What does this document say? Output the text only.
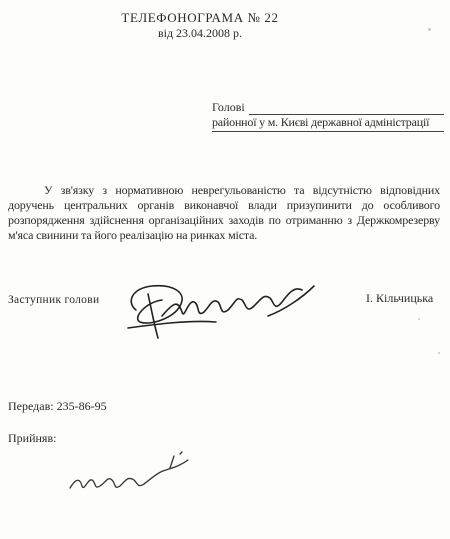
ТЕЛЕФОНОГРАМА № 22
від 23.04.2008 р.
Голові
районної у м. Києві державної адміністрації
У зв'язку з нормативною неврегульованістю та відсутністю відповідних доручень центральних органів виконавчої влади призупинити до особливого розпорядження здійснення організаційних заходів по отриманню з Держкомрезерву м'яса свинини та його реалізацію на ринках міста.
Заступник голови	І. Кільчицька
Передав: 235-86-95
Прийняв:
